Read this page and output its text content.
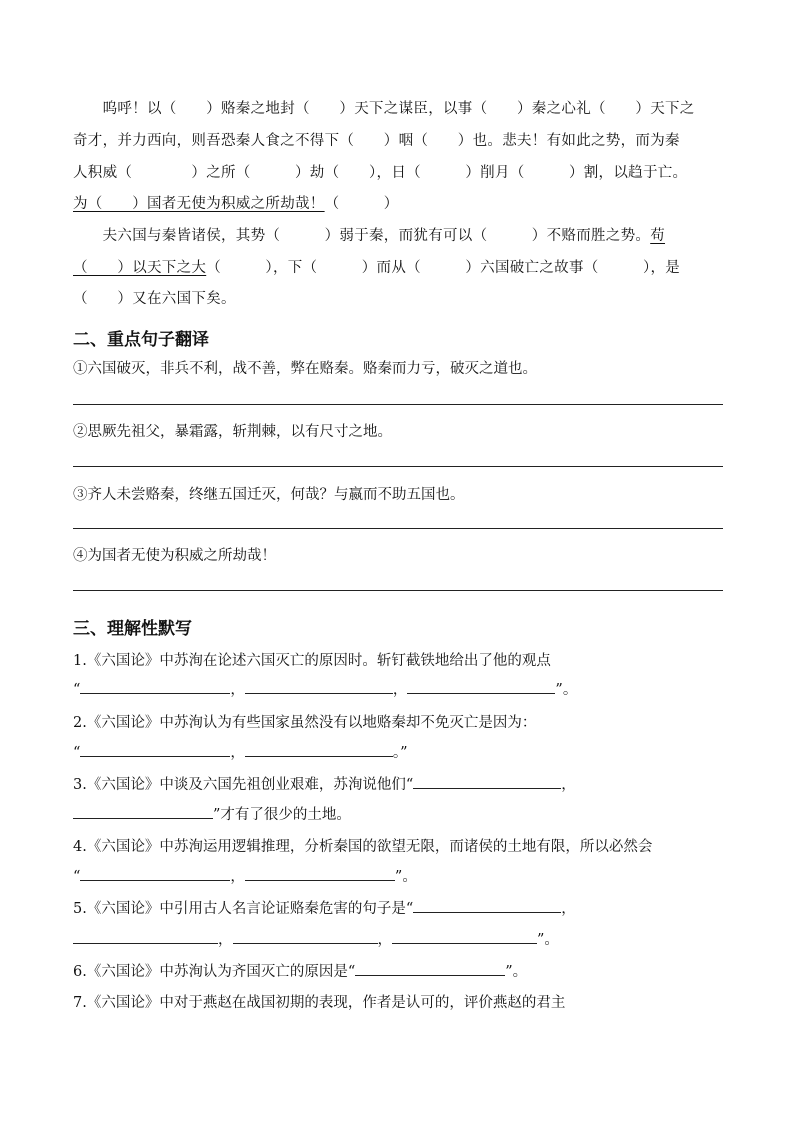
　　呜呼！以（　　）赂秦之地封（　　）天下之谋臣，以事（　　）秦之心礼（　　）天下之
奇才，并力西向，则吾恐秦人食之不得下（　　）咽（　　）也。悲夫！有如此之势，而为秦
人积威（　　　　）之所（　　　）劫（　　），日（　　　）削月（　　　）割，以趋于亡。
为（　　）国者无使为积威之所劫哉！（　　　）
　　夫六国与秦皆诸侯，其势（　　　）弱于秦，而犹有可以（　　　）不赂而胜之势。苟
（　　）以天下之大（　　　），下（　　　）而从（　　　）六国破亡之故事（　　　），是
（　　）又在六国下矣。
二、重点句子翻译
①六国破灭，非兵不利，战不善，弊在赂秦。赂秦而力亏，破灭之道也。
②思厥先祖父，暴霜露，斩荆棘，以有尺寸之地。
③齐人未尝赂秦，终继五国迁灭，何哉？与嬴而不助五国也。
④为国者无使为积威之所劫哉！
三、理解性默写
1.《六国论》中苏洵在论述六国灭亡的原因时。斩钉截铁地给出了他的观点
“	，	，	”。
2.《六国论》中苏洵认为有些国家虽然没有以地赂秦却不免灭亡是因为：
“	，	。”
3.《六国论》中谈及六国先祖创业艰难，苏洵说他们“	，
”才有了很少的土地。
4.《六国论》中苏洵运用逻辑推理，分析秦国的欲望无限，而诸侯的土地有限，所以必然会
“	，	”。
5.《六国论》中引用古人名言论证赂秦危害的句子是“	，
，	，	”。
6.《六国论》中苏洵认为齐国灭亡的原因是“	”。
7.《六国论》中对于燕赵在战国初期的表现，作者是认可的，评价燕赵的君主
